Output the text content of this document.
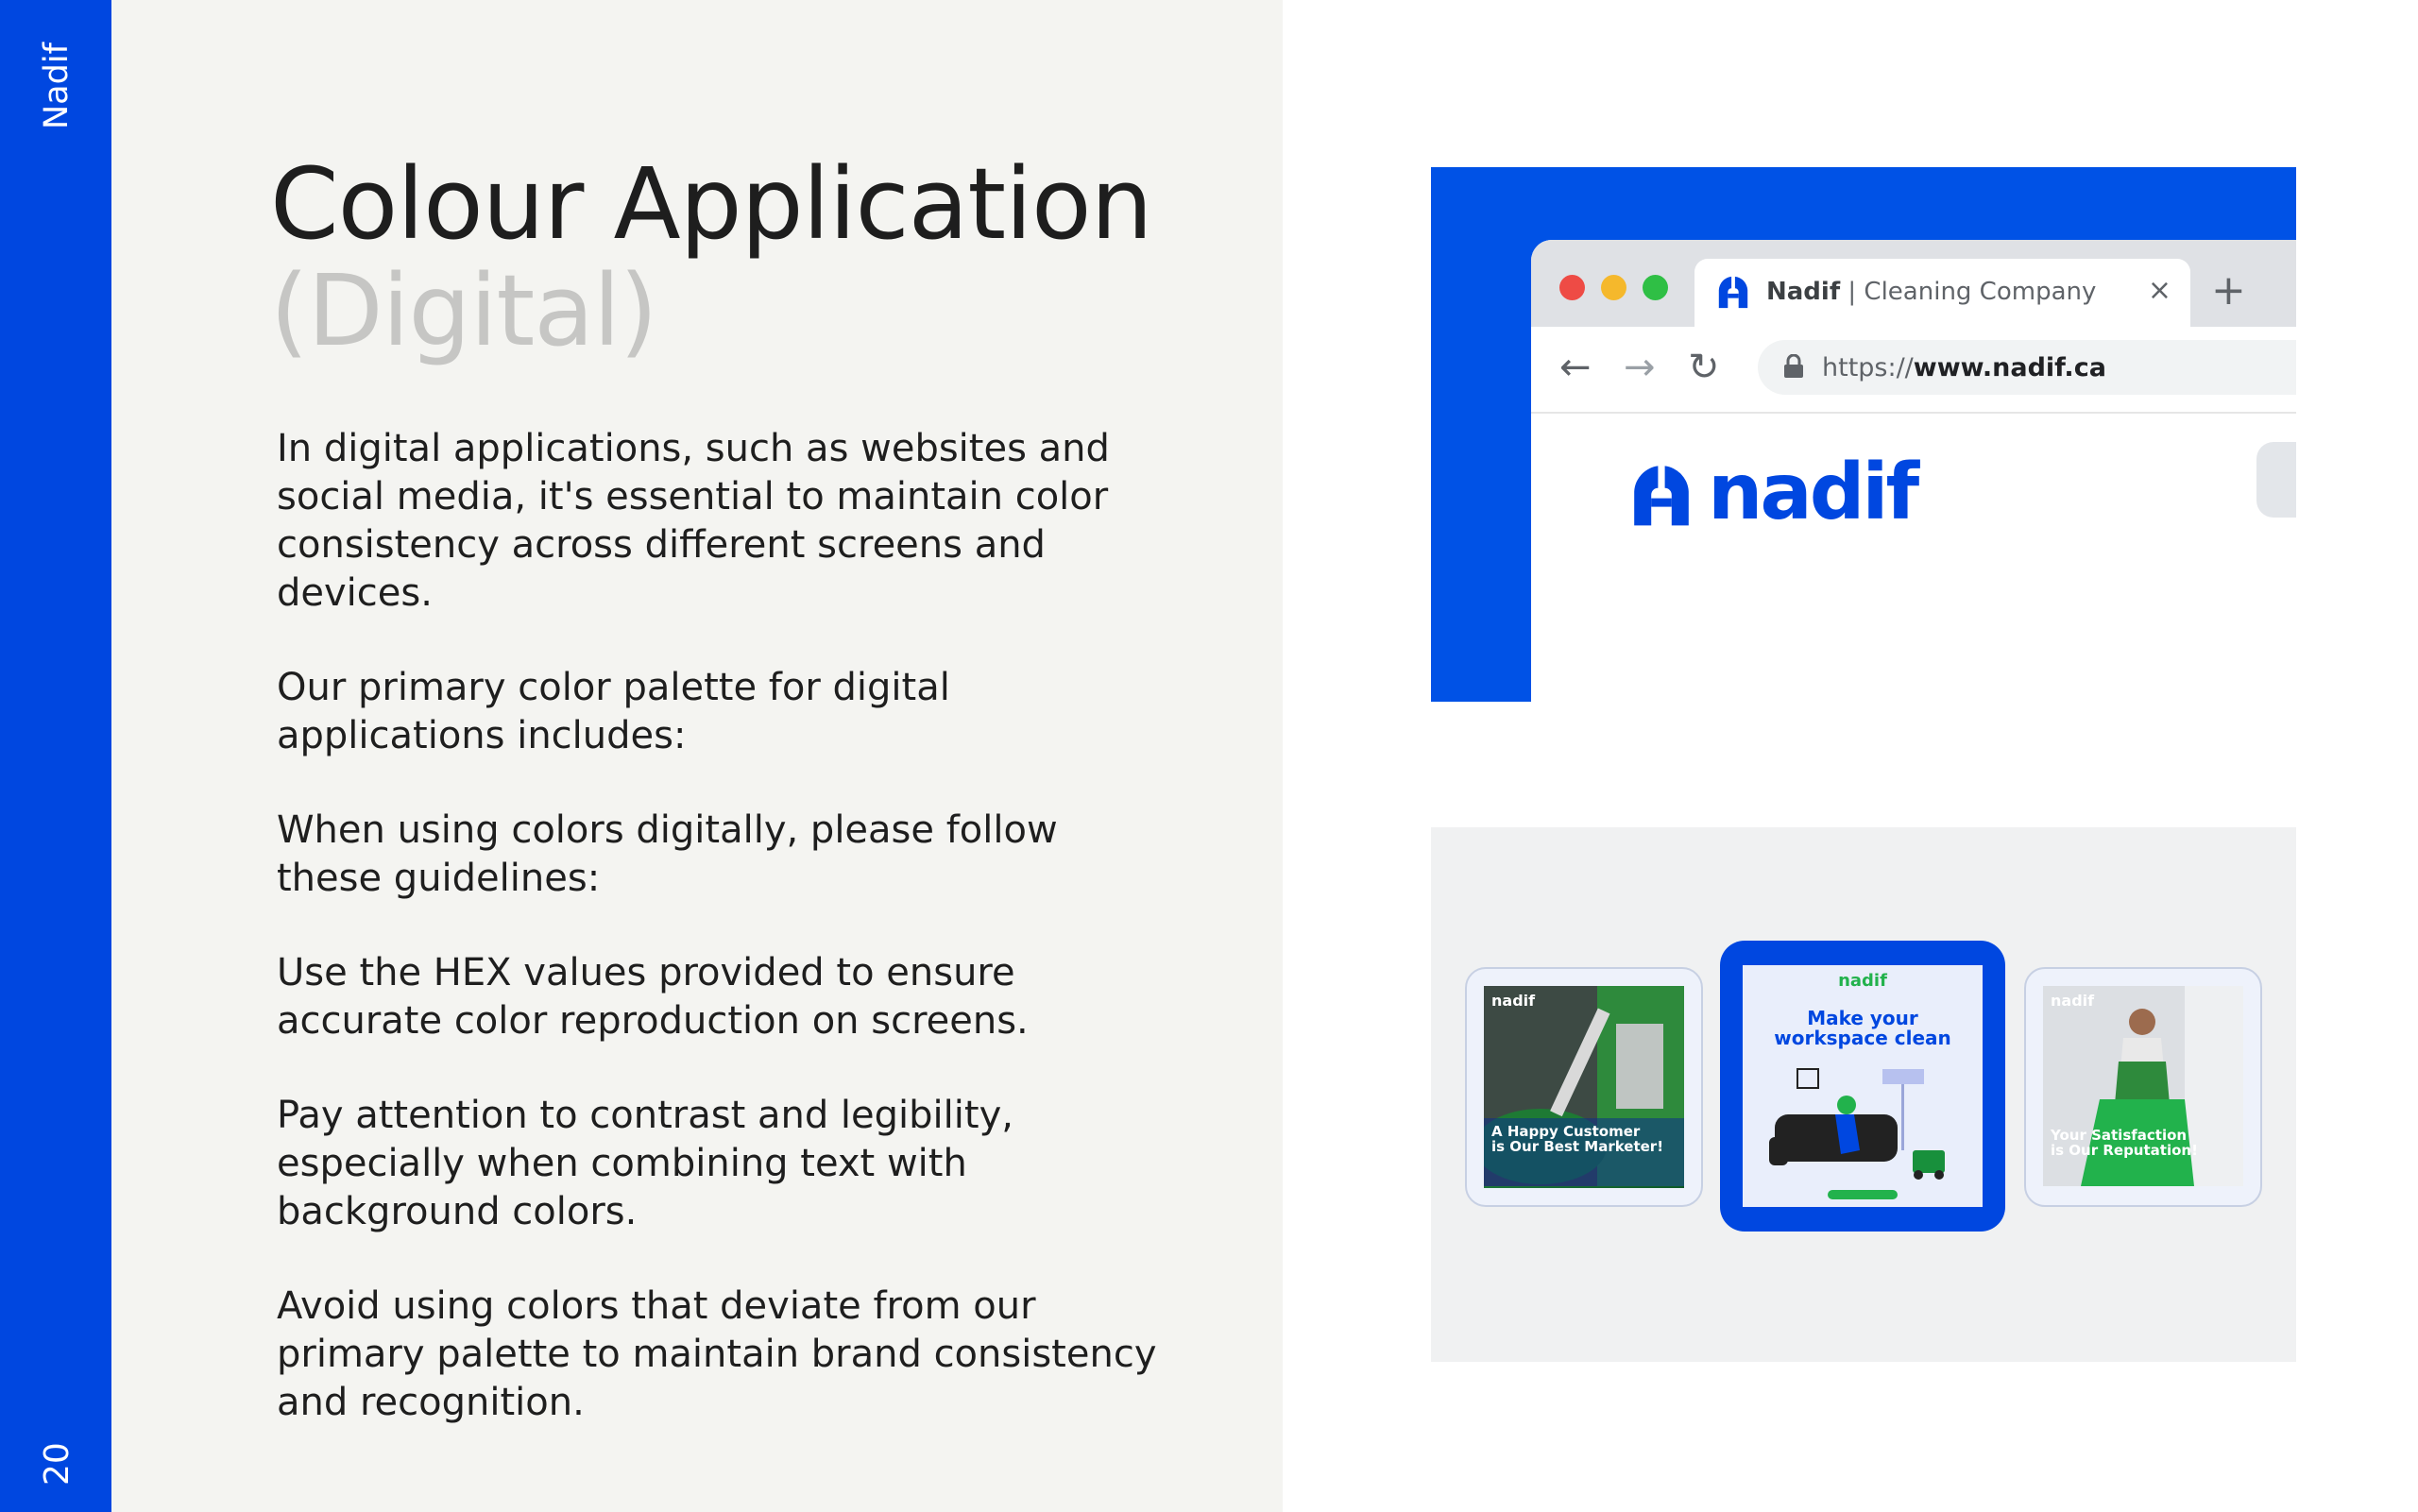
Nadif
20
Colour Application
(Digital)

In digital applications, such as websites and social media, it's essential to maintain color consistency across different screens and devices.

Our primary color palette for digital applications includes:

When using colors digitally, please follow these guidelines:

Use the HEX values provided to ensure accurate color reproduction on screens.

Pay attention to contrast and legibility, especially when combining text with background colors.

Avoid using colors that deviate from our primary palette to maintain brand consistency and recognition.

Nadif | Cleaning Company × +
← → ↻	https://www.nadif.ca
nadif
nadif
A Happy Customer
is Our Best Marketer!
nadif
Make your
workspace clean
nadif
Your Satisfaction
is Our Reputation!
